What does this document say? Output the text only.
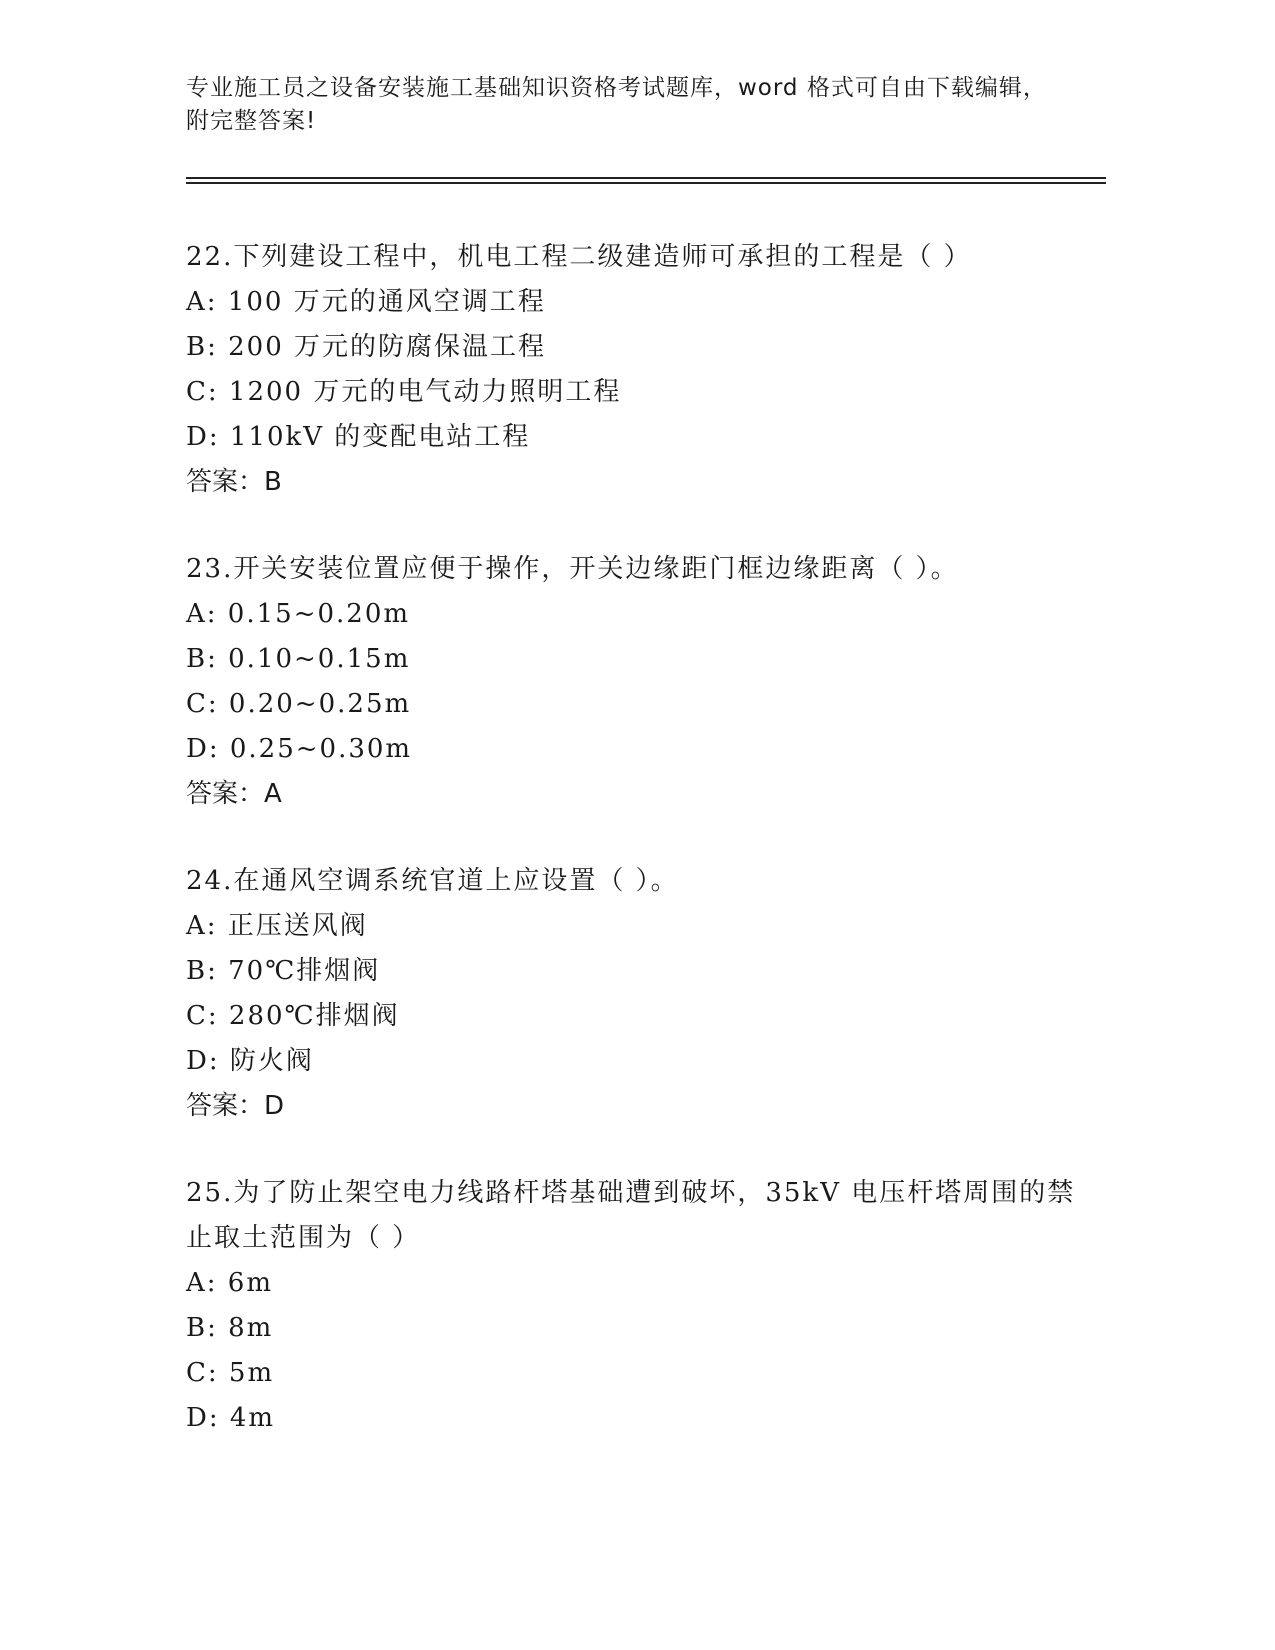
专业施工员之设备安装施工基础知识资格考试题库，word 格式可自由下载编辑，
附完整答案!
22.下列建设工程中，机电工程二级建造师可承担的工程是（ ）
A: 100 万元的通风空调工程
B: 200 万元的防腐保温工程
C: 1200 万元的电气动力照明工程
D: 110kV 的变配电站工程
答案：B
23.开关安装位置应便于操作，开关边缘距门框边缘距离（ ）。
A: 0.15~0.20m
B: 0.10~0.15m
C: 0.20~0.25m
D: 0.25~0.30m
答案：A
24.在通风空调系统官道上应设置（ ）。
A: 正压送风阀
B: 70℃排烟阀
C: 280℃排烟阀
D: 防火阀
答案：D
25.为了防止架空电力线路杆塔基础遭到破坏，35kV 电压杆塔周围的禁
止取土范围为（ ）
A: 6m
B: 8m
C: 5m
D: 4m
